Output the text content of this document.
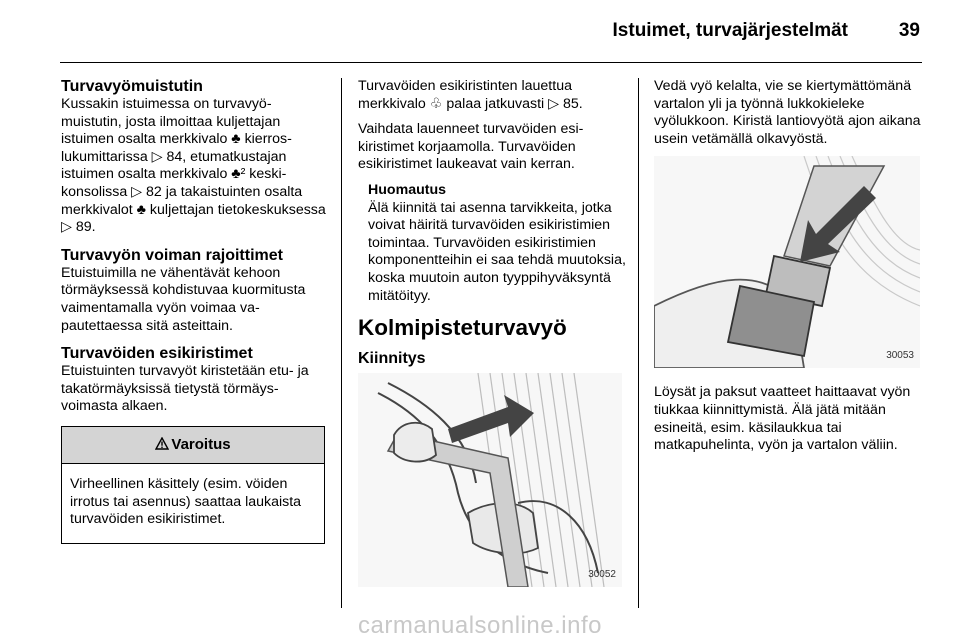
Istuimet, turvajärjestelmät	39
Turvavyömuistutin

Kussakin istuimessa on turvavyömuistutin, josta ilmoittaa kuljettajan istuimen osalta merkkivalo ♣ kierroslukumittarissa ▷ 84, etumatkustajan istuimen osalta merkkivalo ♣² keskikonsolissa ▷ 82 ja takaistuinten osalta merkkivalot ♣ kuljettajan tietokeskuksessa ▷ 89.

Turvavyön voiman rajoittimet

Etuistuimilla ne vähentävät kehoon törmäyksessä kohdistuvaa kuormitusta vaimentamalla vyön voimaa vapautettaessa sitä asteittain.

Turvavöiden esikiristimet

Etuistuinten turvavyöt kiristetään etu- ja takatörmäyksissä tietystä törmäysvoimasta alkaen.

Varoitus
Virheellinen käsittely (esim. vöiden irrotus tai asennus) saattaa laukaista turvavöiden esikiristimet.

Turvavöiden esikiristinten lauettua merkkivalo ♧ palaa jatkuvasti ▷ 85.

Vaihdata lauenneet turvavöiden esikiristimet korjaamolla. Turvavöiden esikiristimet laukeavat vain kerran.

Huomautus
Älä kiinnitä tai asenna tarvikkeita, jotka voivat häiritä turvavöiden esikiristimien toimintaa. Turvavöiden esikiristimien komponentteihin ei saa tehdä muutoksia, koska muutoin auton tyyppihyväksyntä mitätöityy.
Kolmipisteturvavyö
Kiinnitys
30052

Vedä vyö kelalta, vie se kiertymättömänä vartalon yli ja työnnä lukkokieleke vyölukkoon. Kiristä lantiovyötä ajon aikana usein vetämällä olkavyöstä.

30053

Löysät ja paksut vaatteet haittaavat vyön tiukkaa kiinnittymistä. Älä jätä mitään esineitä, esim. käsilaukkua tai matkapuhelinta, vyön ja vartalon väliin.

carmanualsonline.info
